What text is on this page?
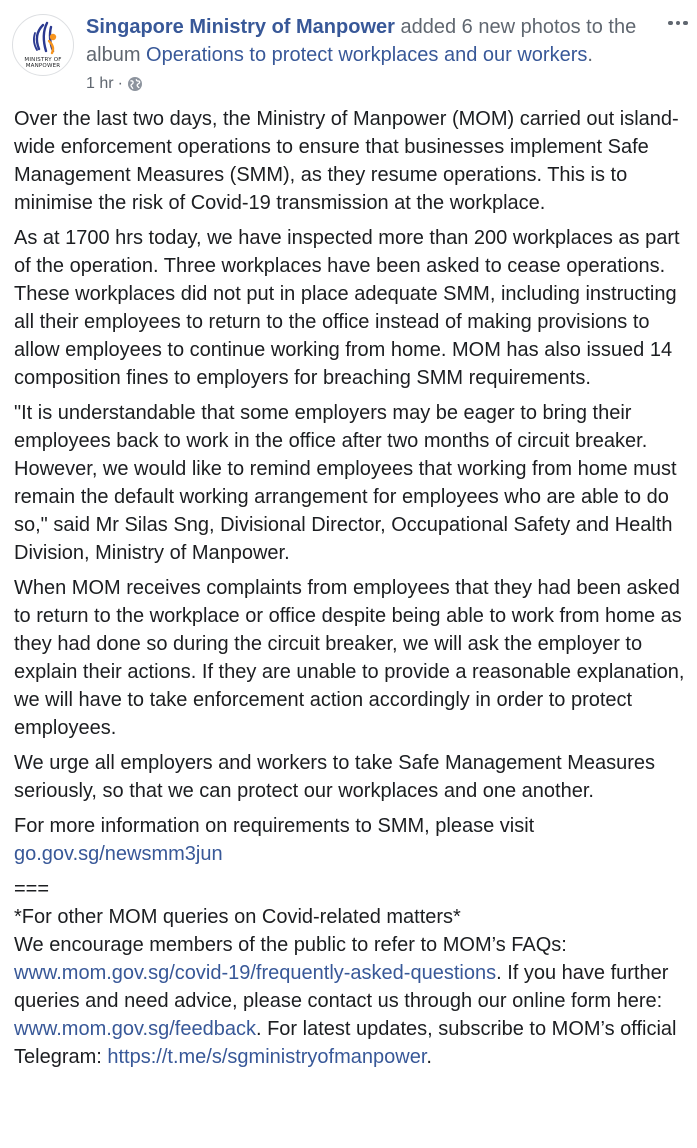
MINISTRY OF
MANPOWER
Singapore Ministry of Manpower added 6 new photos to the album Operations to protect workplaces and our workers.
1 hr ·

Over the last two days, the Ministry of Manpower (MOM) carried out island-wide enforcement operations to ensure that businesses implement Safe Management Measures (SMM), as they resume operations. This is to minimise the risk of Covid-19 transmission at the workplace.

As at 1700 hrs today, we have inspected more than 200 workplaces as part of the operation. Three workplaces have been asked to cease operations. These workplaces did not put in place adequate SMM, including instructing all their employees to return to the office instead of making provisions to allow employees to continue working from home. MOM has also issued 14 composition fines to employers for breaching SMM requirements.

"It is understandable that some employers may be eager to bring their employees back to work in the office after two months of circuit breaker. However, we would like to remind employees that working from home must remain the default working arrangement for employees who are able to do so," said Mr Silas Sng, Divisional Director, Occupational Safety and Health Division, Ministry of Manpower.

When MOM receives complaints from employees that they had been asked to return to the workplace or office despite being able to work from home as they had done so during the circuit breaker, we will ask the employer to explain their actions. If they are unable to provide a reasonable explanation, we will have to take enforcement action accordingly in order to protect employees.

We urge all employers and workers to take Safe Management Measures seriously, so that we can protect our workplaces and one another.

For more information on requirements to SMM, please visit
go.gov.sg/newsmm3jun

===
*For other MOM queries on Covid-related matters*
We encourage members of the public to refer to MOM’s FAQs:
www.mom.gov.sg/covid-19/frequently-asked-questions. If you have further queries and need advice, please contact us through our online form here: www.mom.gov.sg/feedback. For latest updates, subscribe to MOM’s official Telegram: https://t.me/s/sgministryofmanpower.
